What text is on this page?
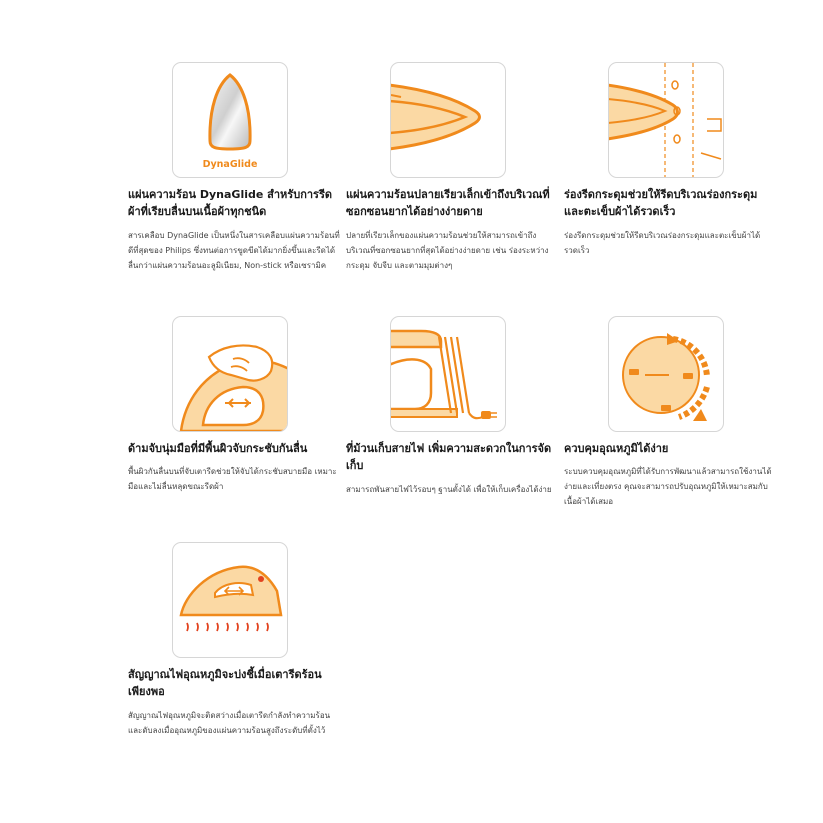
DynaGlide
แผ่นความร้อน DynaGlide สำหรับการรีดผ้าที่เรียบลื่นบนเนื้อผ้าทุกชนิด
สารเคลือบ DynaGlide เป็นหนึ่งในสารเคลือบแผ่นความร้อนที่ดีที่สุดของ Philips ซึ่งทนต่อการขูดขีดได้มากยิ่งขึ้นและรีดได้ลื่นกว่าแผ่นความร้อนอะลูมิเนียม, Non-stick หรือเซรามิค
แผ่นความร้อนปลายเรียวเล็กเข้าถึงบริเวณที่ซอกซอนยากได้อย่างง่ายดาย
ปลายที่เรียวเล็กของแผ่นความร้อนช่วยให้สามารถเข้าถึงบริเวณที่ซอกซอนยากที่สุดได้อย่างง่ายดาย เช่น ร่องระหว่างกระดุม จับจีบ และตามมุมต่างๆ
ร่องรีดกระดุมช่วยให้รีดบริเวณร่องกระดุมและตะเข็บผ้าได้รวดเร็ว
ร่องรีดกระดุมช่วยให้รีดบริเวณร่องกระดุมและตะเข็บผ้าได้รวดเร็ว
ด้ามจับนุ่มมือที่มีพื้นผิวจับกระชับกันลื่น
พื้นผิวกันลื่นบนที่จับเตารีดช่วยให้จับได้กระชับสบายมือ เหมาะมือและไม่ลื่นหลุดขณะรีดผ้า
ที่ม้วนเก็บสายไฟ เพิ่มความสะดวกในการจัดเก็บ
สามารถพันสายไฟไว้รอบๆ ฐานตั้งได้ เพื่อให้เก็บเครื่องได้ง่าย
ควบคุมอุณหภูมิได้ง่าย
ระบบควบคุมอุณหภูมิที่ได้รับการพัฒนาแล้วสามารถใช้งานได้ง่ายและเที่ยงตรง คุณจะสามารถปรับอุณหภูมิให้เหมาะสมกับเนื้อผ้าได้เสมอ
สัญญาณไฟอุณหภูมิจะบ่งชี้เมื่อเตารีดร้อนเพียงพอ
สัญญาณไฟอุณหภูมิจะติดสว่างเมื่อเตารีดกำลังทำความร้อน และดับลงเมื่ออุณหภูมิของแผ่นความร้อนสูงถึงระดับที่ตั้งไว้
